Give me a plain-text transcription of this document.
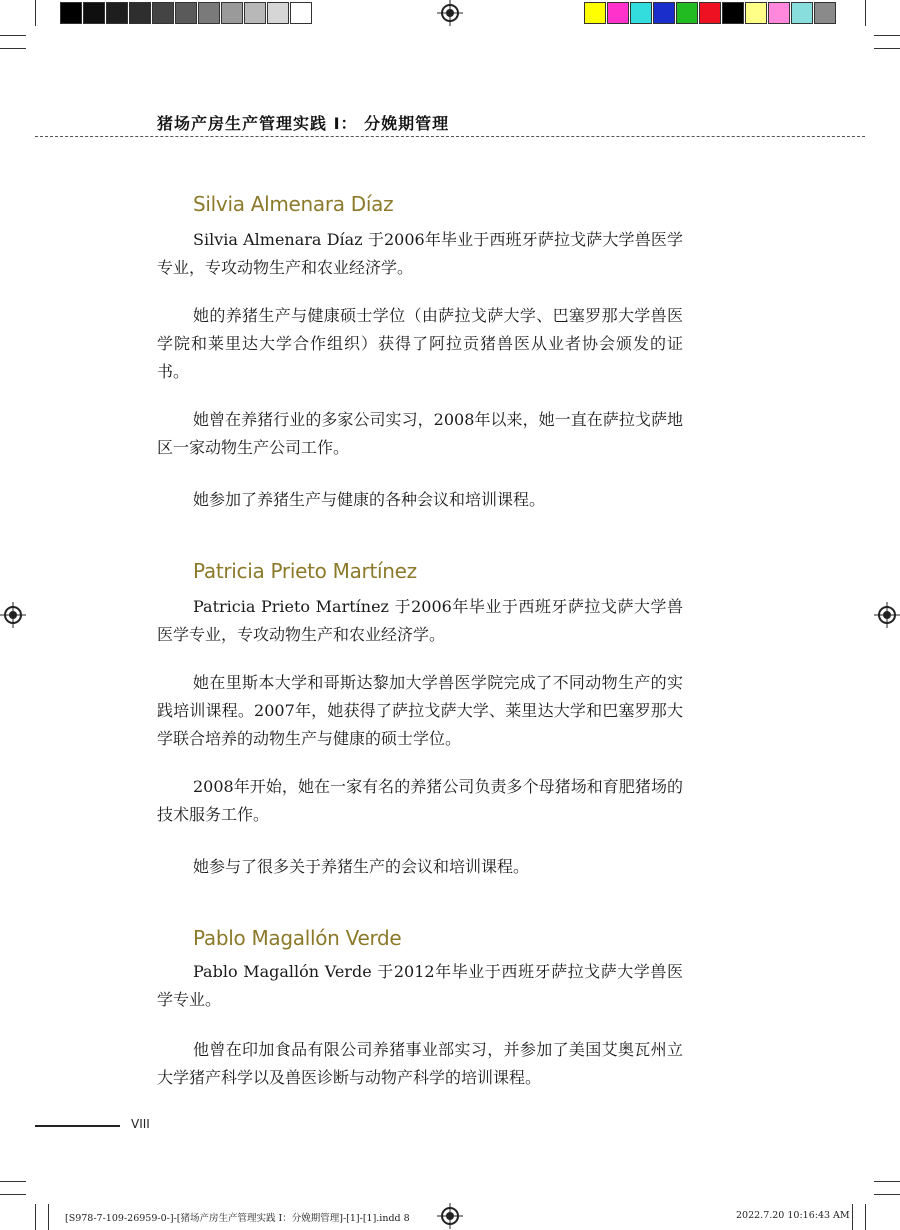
猪场产房生产管理实践 I： 分娩期管理
Silvia Almenara Díaz

Silvia Almenara Díaz 于2006年毕业于西班牙萨拉戈萨大学兽医学专业，专攻动物生产和农业经济学。

她的养猪生产与健康硕士学位（由萨拉戈萨大学、巴塞罗那大学兽医学院和莱里达大学合作组织）获得了阿拉贡猪兽医从业者协会颁发的证书。

她曾在养猪行业的多家公司实习，2008年以来，她一直在萨拉戈萨地区一家动物生产公司工作。

她参加了养猪生产与健康的各种会议和培训课程。

Patricia Prieto Martínez

Patricia Prieto Martínez 于2006年毕业于西班牙萨拉戈萨大学兽医学专业，专攻动物生产和农业经济学。

她在里斯本大学和哥斯达黎加大学兽医学院完成了不同动物生产的实践培训课程。2007年，她获得了萨拉戈萨大学、莱里达大学和巴塞罗那大学联合培养的动物生产与健康的硕士学位。

2008年开始，她在一家有名的养猪公司负责多个母猪场和育肥猪场的技术服务工作。

她参与了很多关于养猪生产的会议和培训课程。

Pablo Magallón Verde

Pablo Magallón Verde 于2012年毕业于西班牙萨拉戈萨大学兽医学专业。

他曾在印加食品有限公司养猪事业部实习，并参加了美国艾奥瓦州立大学猪产科学以及兽医诊断与动物产科学的培训课程。

VIII
[S978-7-109-26959-0-]-[猪场产房生产管理实践 I：分娩期管理]-[1]-[1].indd 8	2022.7.20 10:16:43 AM
